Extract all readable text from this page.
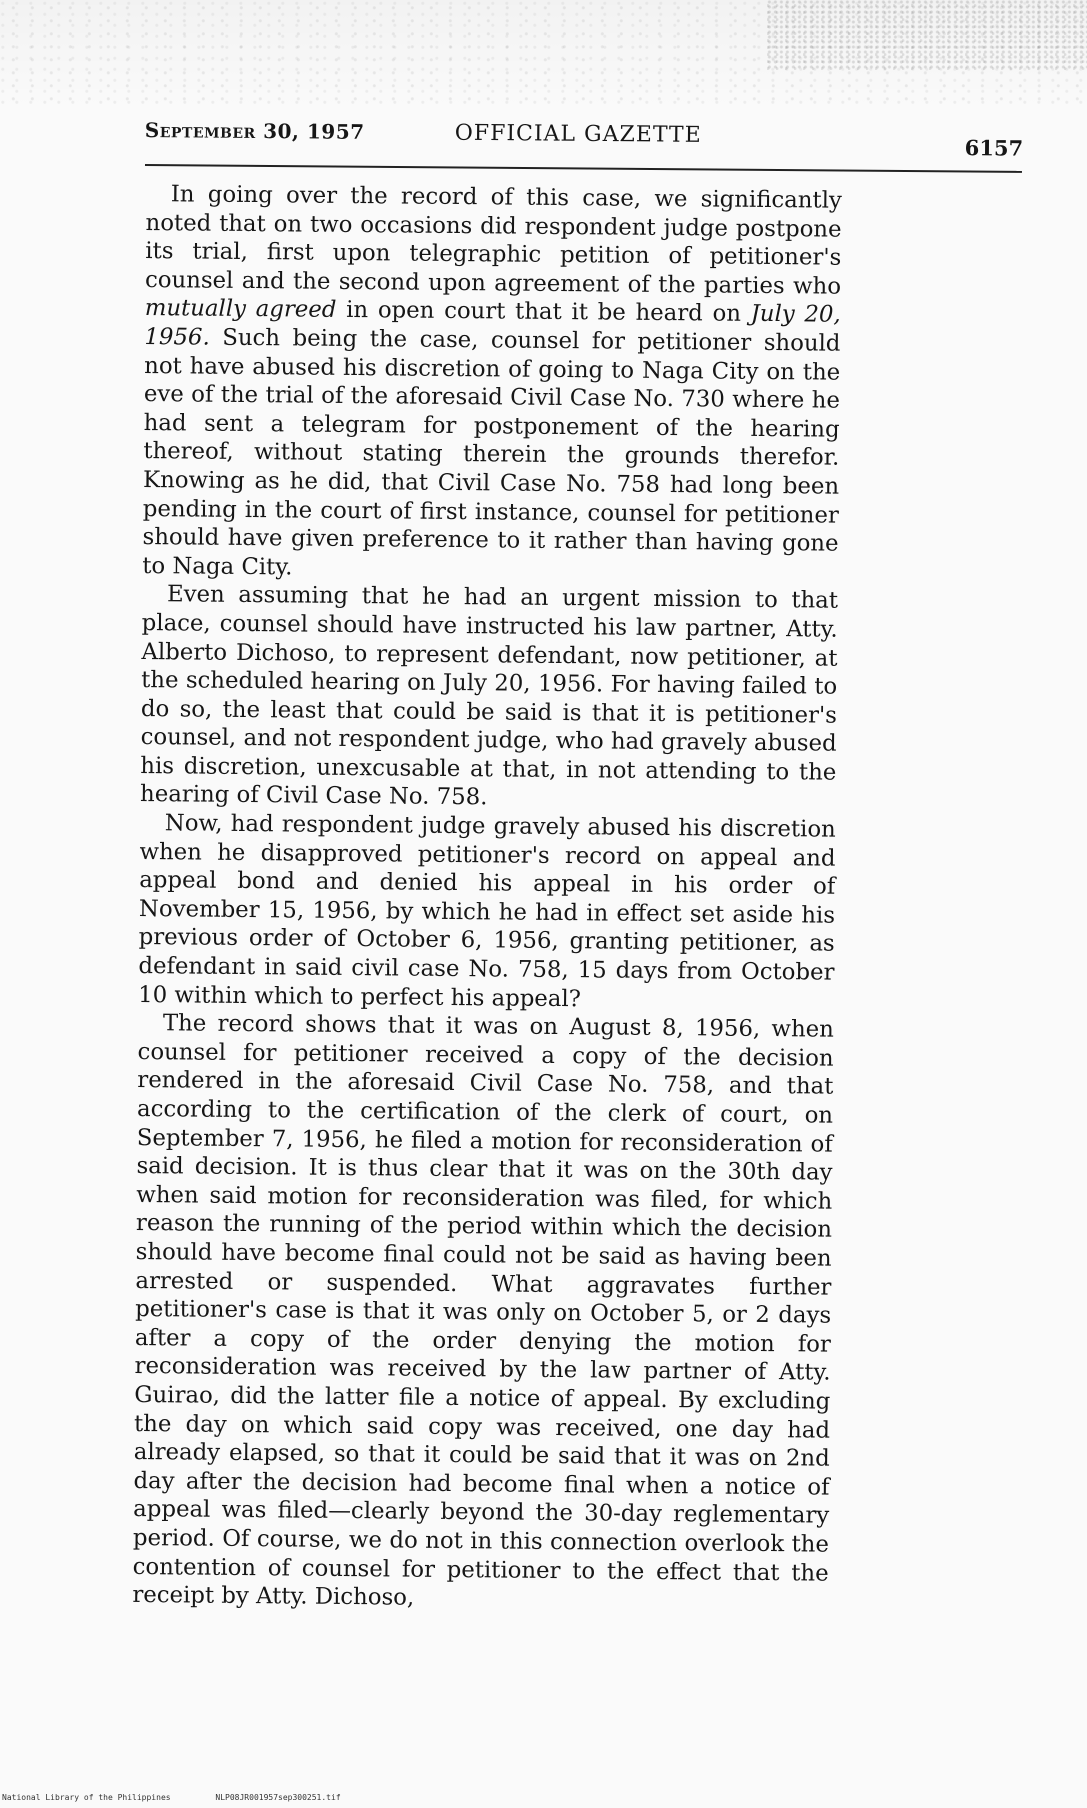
September 30, 1957	OFFICIAL GAZETTE
6157

In going over the record of this case, we significantly noted that on two occasions did respondent judge postpone its trial, first upon telegraphic petition of petitioner's counsel and the second upon agreement of the parties who mutually agreed in open court that it be heard on July 20, 1956. Such being the case, counsel for petitioner should not have abused his discretion of going to Naga City on the eve of the trial of the aforesaid Civil Case No. 730 where he had sent a telegram for postponement of the hearing thereof, without stating therein the grounds therefor. Knowing as he did, that Civil Case No. 758 had long been pending in the court of first instance, counsel for petitioner should have given preference to it rather than having gone to Naga City.

Even assuming that he had an urgent mission to that place, counsel should have instructed his law partner, Atty. Alberto Dichoso, to represent defendant, now petitioner, at the scheduled hearing on July 20, 1956. For having failed to do so, the least that could be said is that it is petitioner's counsel, and not respondent judge, who had gravely abused his discretion, unexcusable at that, in not attending to the hearing of Civil Case No. 758.

Now, had respondent judge gravely abused his discretion when he disapproved petitioner's record on appeal and appeal bond and denied his appeal in his order of November 15, 1956, by which he had in effect set aside his previous order of October 6, 1956, granting petitioner, as defendant in said civil case No. 758, 15 days from October 10 within which to perfect his appeal?

The record shows that it was on August 8, 1956, when counsel for petitioner received a copy of the decision rendered in the aforesaid Civil Case No. 758, and that according to the certification of the clerk of court, on September 7, 1956, he filed a motion for reconsideration of said decision. It is thus clear that it was on the 30th day when said motion for reconsideration was filed, for which reason the running of the period within which the decision should have become final could not be said as having been arrested or suspended. What aggravates further petitioner's case is that it was only on October 5, or 2 days after a copy of the order denying the motion for reconsideration was received by the law partner of Atty. Guirao, did the latter file a notice of appeal. By excluding the day on which said copy was received, one day had already elapsed, so that it could be said that it was on 2nd day after the decision had become final when a notice of appeal was filed—clearly beyond the 30-day reglementary period. Of course, we do not in this connection overlook the contention of counsel for petitioner to the effect that the receipt by Atty. Dichoso,

National Library of the Philippines	NLP08JR001957sep300251.tif
